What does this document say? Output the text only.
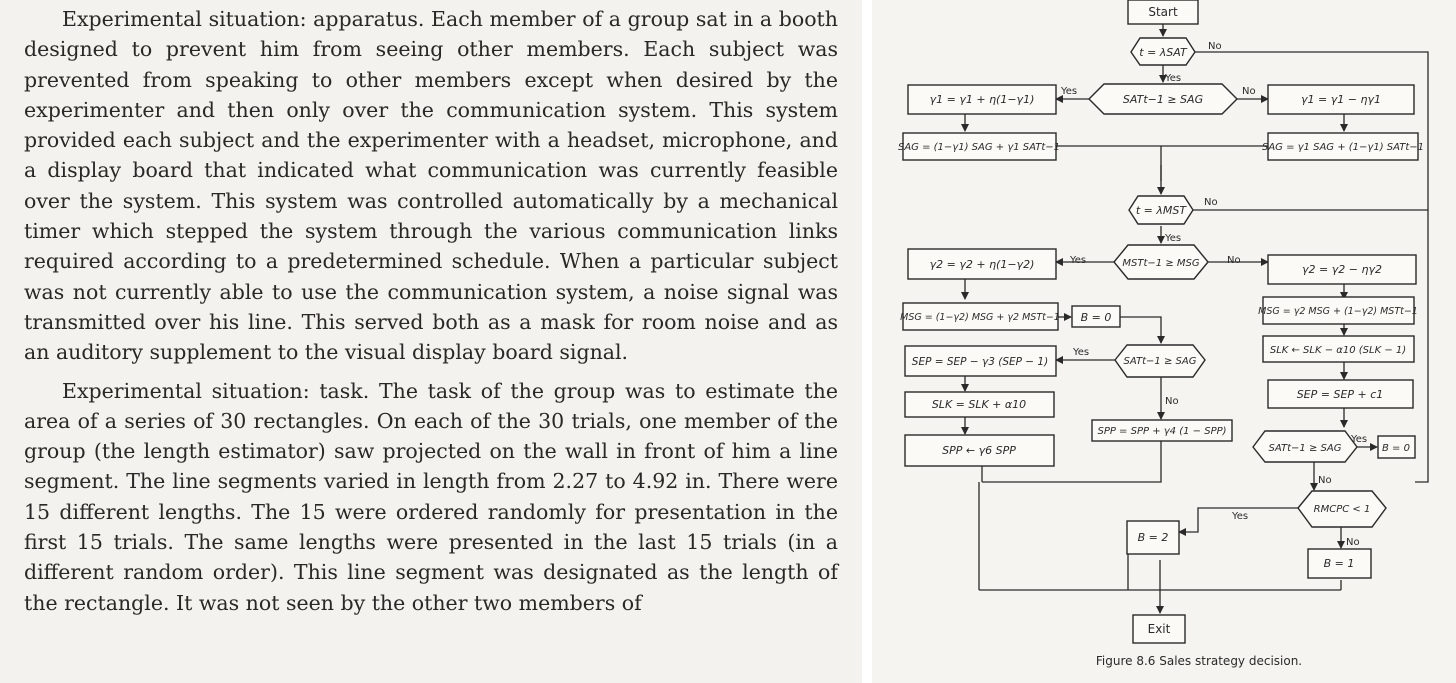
Experimental situation: apparatus. Each member of a group sat in a booth designed to prevent him from seeing other members. Each subject was prevented from speaking to other members except when desired by the experimenter and then only over the communication system. This system provided each subject and the experimenter with a headset, microphone, and a display board that indicated what communication was currently feasible over the system. This system was controlled automatically by a mechanical timer which stepped the system through the various communication links required according to a predetermined schedule. When a particular subject was not currently able to use the communication system, a noise signal was transmitted over his line. This served both as a mask for room noise and as an auditory supplement to the visual display board signal.

Experimental situation: task. The task of the group was to estimate the area of a series of 30 rectangles. On each of the 30 trials, one member of the group (the length estimator) saw projected on the wall in front of him a line segment. The line segments varied in length from 2.27 to 4.92 in. There were 15 different lengths. The 15 were ordered randomly for presentation in the first 15 trials. The same lengths were presented in the last 15 trials (in a different random order). This line segment was designated as the length of the rectangle. It was not seen by the other two members of

Start
t = λSAT
SATt−1 ≥ SAG
γ1 = γ1 + η(1−γ1)	γ1 = γ1 − ηγ1
SAG = (1−γ1) SAG + γ1 SATt−1	SAG = γ1 SAG + (1−γ1) SATt−1
t = λMST
MSTt−1 ≥ MSG
γ2 = γ2 + η(1−γ2)	γ2 = γ2 − ηγ2
MSG = (1−γ2) MSG + γ2 MSTt−1 B = 0	MSG = γ2 MSG + (1−γ2) MSTt−1
SATt−1 ≥ SAG
SEP = SEP − γ3 (SEP − 1)
SLK = SLK + α10
SPP ← γ6 SPP
SPP = SPP + γ4 (1 − SPP)
SLK ← SLK − α10 (SLK − 1)
SEP = SEP + c1
SATt−1 ≥ SAG	B = 0
RMCPC < 1
B = 2
B = 1
Exit
No
Yes
Yes	No
No
Yes
Yes	No
Yes
No
Yes
No
Yes
No
Figure 8.6 Sales strategy decision.
